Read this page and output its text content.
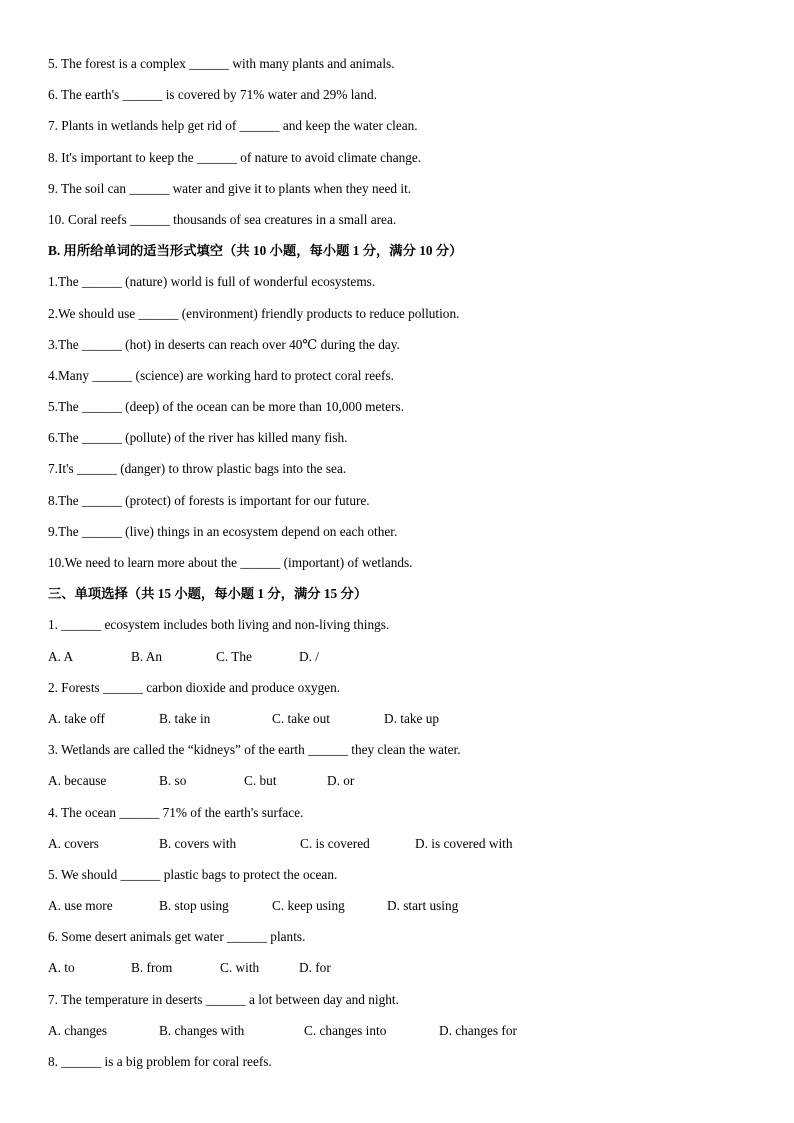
5. The forest is a complex ______ with many plants and animals.
6. The earth's ______ is covered by 71% water and 29% land.
7. Plants in wetlands help get rid of ______ and keep the water clean.
8. It's important to keep the ______ of nature to avoid climate change.
9. The soil can ______ water and give it to plants when they need it.
10. Coral reefs ______ thousands of sea creatures in a small area.
B. 用所给单词的适当形式填空（共 10 小题，每小题 1 分，满分 10 分）
1.The ______ (nature) world is full of wonderful ecosystems.
2.We should use ______ (environment) friendly products to reduce pollution.
3.The ______ (hot) in deserts can reach over 40℃ during the day.
4.Many ______ (science) are working hard to protect coral reefs.
5.The ______ (deep) of the ocean can be more than 10,000 meters.
6.The ______ (pollute) of the river has killed many fish.
7.It's ______ (danger) to throw plastic bags into the sea.
8.The ______ (protect) of forests is important for our future.
9.The ______ (live) things in an ecosystem depend on each other.
10.We need to learn more about the ______ (important) of wetlands.
三、单项选择（共 15 小题，每小题 1 分，满分 15 分）
1. ______ ecosystem includes both living and non-living things.
A. A	B. An	C. The	D. /
2. Forests ______ carbon dioxide and produce oxygen.
A. take off	B. take in	C. take out	D. take up
3. Wetlands are called the “kidneys” of the earth ______ they clean the water.
A. because	B. so	C. but	D. or
4. The ocean ______ 71% of the earth's surface.
A. covers	B. covers with	C. is covered	D. is covered with
5. We should ______ plastic bags to protect the ocean.
A. use more	B. stop using	C. keep using	D. start using
6. Some desert animals get water ______ plants.
A. to	B. from	C. with	D. for
7. The temperature in deserts ______ a lot between day and night.
A. changes	B. changes with	C. changes into	D. changes for
8. ______ is a big problem for coral reefs.
